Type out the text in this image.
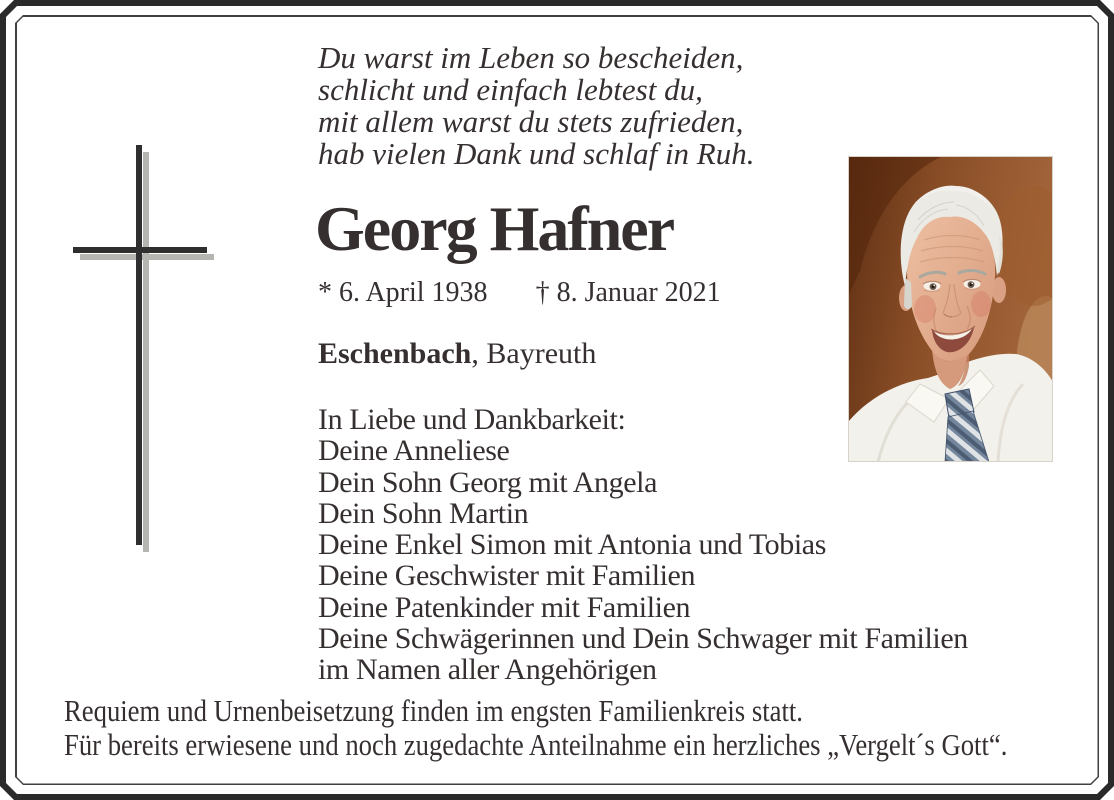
Du warst im Leben so bescheiden,
schlicht und einfach lebtest du,
mit allem warst du stets zufrieden,
hab vielen Dank und schlaf in Ruh.
Georg Hafner
* 6. April 1938 † 8. Januar 2021
Eschenbach, Bayreuth
In Liebe und Dankbarkeit:
Deine Anneliese
Dein Sohn Georg mit Angela
Dein Sohn Martin
Deine Enkel Simon mit Antonia und Tobias
Deine Geschwister mit Familien
Deine Patenkinder mit Familien
Deine Schwägerinnen und Dein Schwager mit Familien
im Namen aller Angehörigen
Requiem und Urnenbeisetzung finden im engsten Familienkreis statt.
Für bereits erwiesene und noch zugedachte Anteilnahme ein herzliches „Vergelt´s Gott“.
